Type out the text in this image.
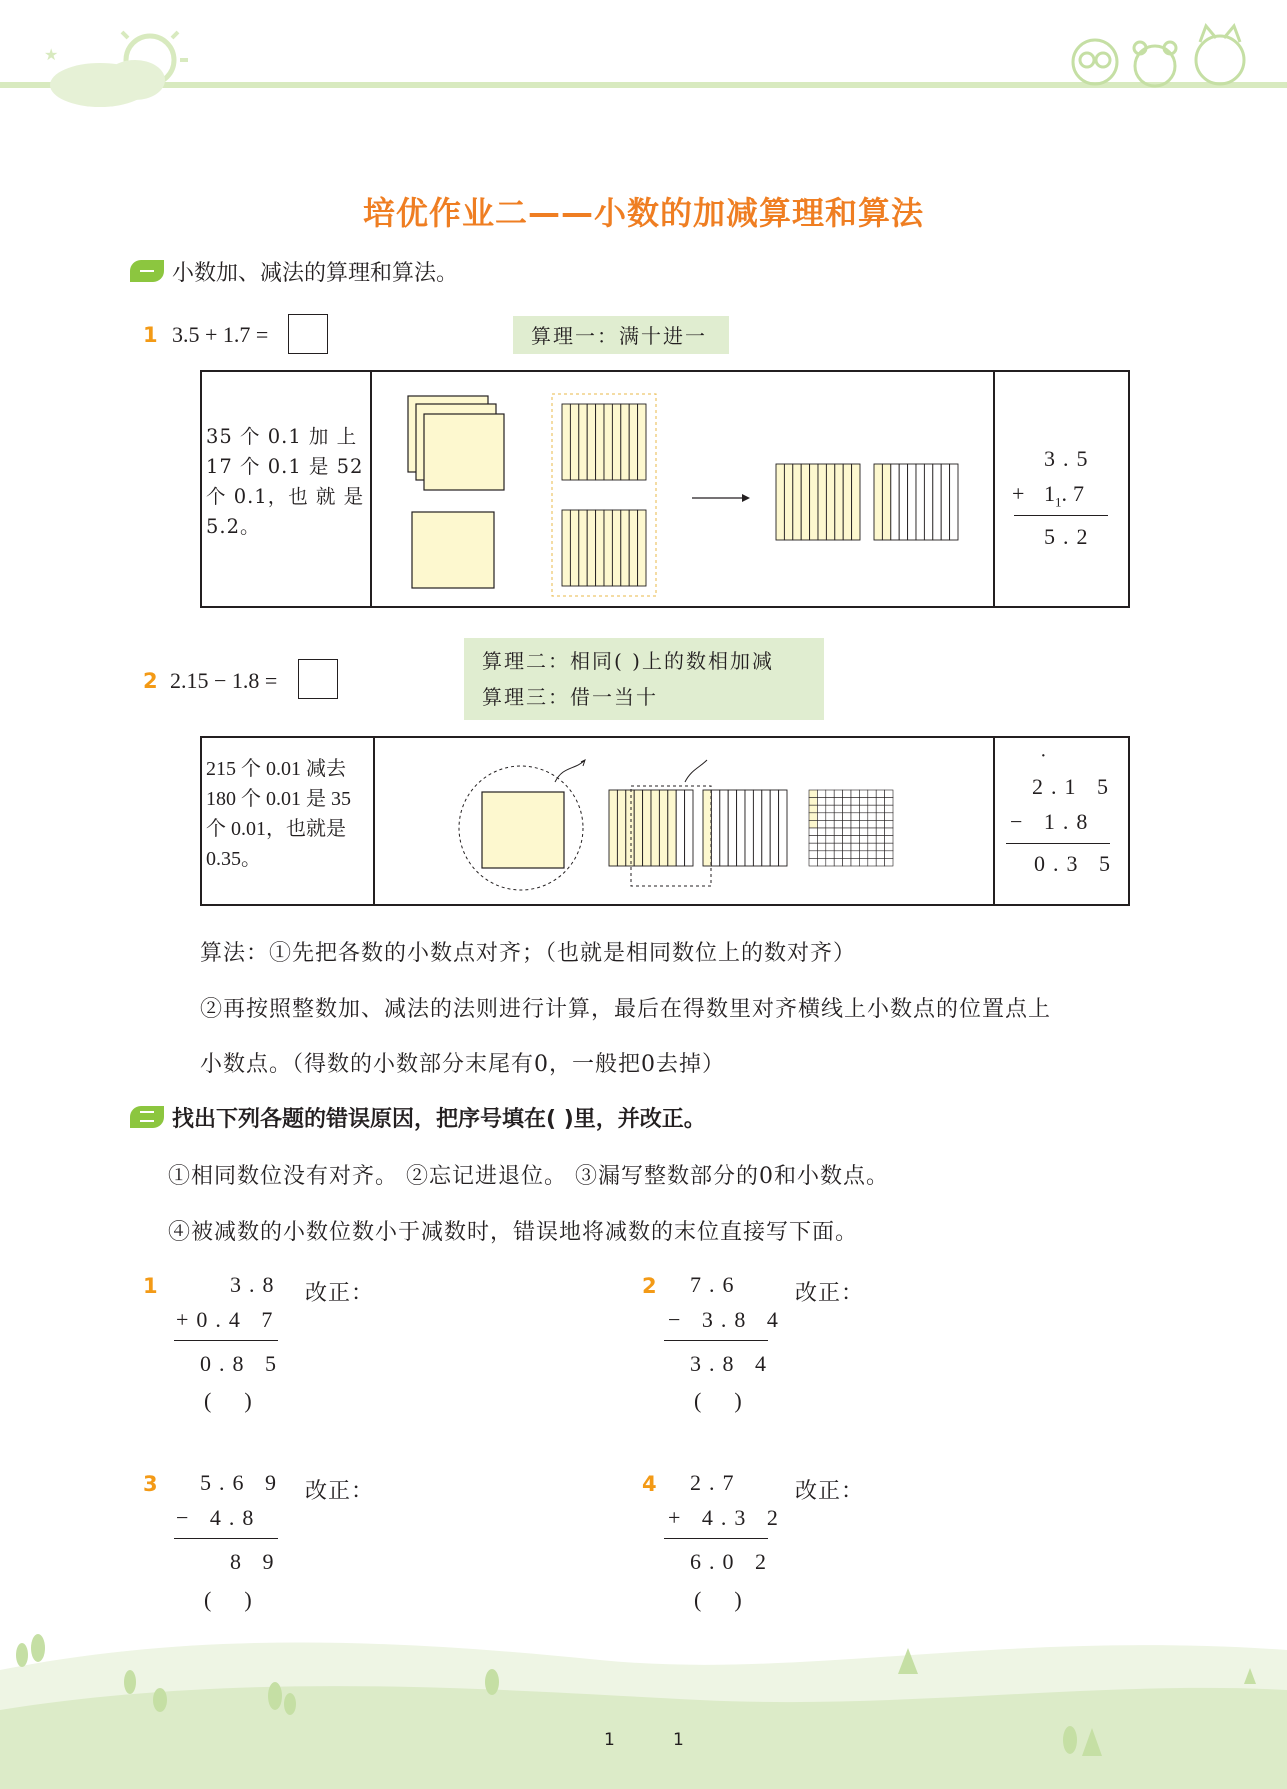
★
培优作业二——小数的加减算理和算法
小数加、减法的算理和算法。
1 3.5 + 1.7 =	算理一：满十进一
35 个 0.1 加 上
17 个 0.1 是 52
个 0.1，也 就 是
5.2。
3.5
+ $1_1.7$
5.2
算理二：相同( )上的数相加减
算理三：借一当十
2 2.15 − 1.8 =
215 个 0.01 减去
180 个 0.01 是 35
个 0.01，也就是
0.35。
·
2.1 5
− 1.8
0.3 5
算法：①先把各数的小数点对齐；（也就是相同数位上的数对齐）
②再按照整数加、减法的法则进行计算，最后在得数里对齐横线上小数点的位置点上
小数点。（得数的小数部分末尾有0，一般把0去掉）
找出下列各题的错误原因，把序号填在( )里，并改正。
①相同数位没有对齐。 ②忘记进退位。 ③漏写整数部分的0和小数点。
④被减数的小数位数小于减数时，错误地将减数的末位直接写下面。
1	3.8
+0.4 7
0.8 5
(      )
改正：	2 7.6
− 3.8 4
3.8 4
(      )
改正：
3 5.6 9
− 4.8
8 9
(      )
改正：	4 2.7
+ 4.3 2
6.0 2
(      )
改正：
1	1
